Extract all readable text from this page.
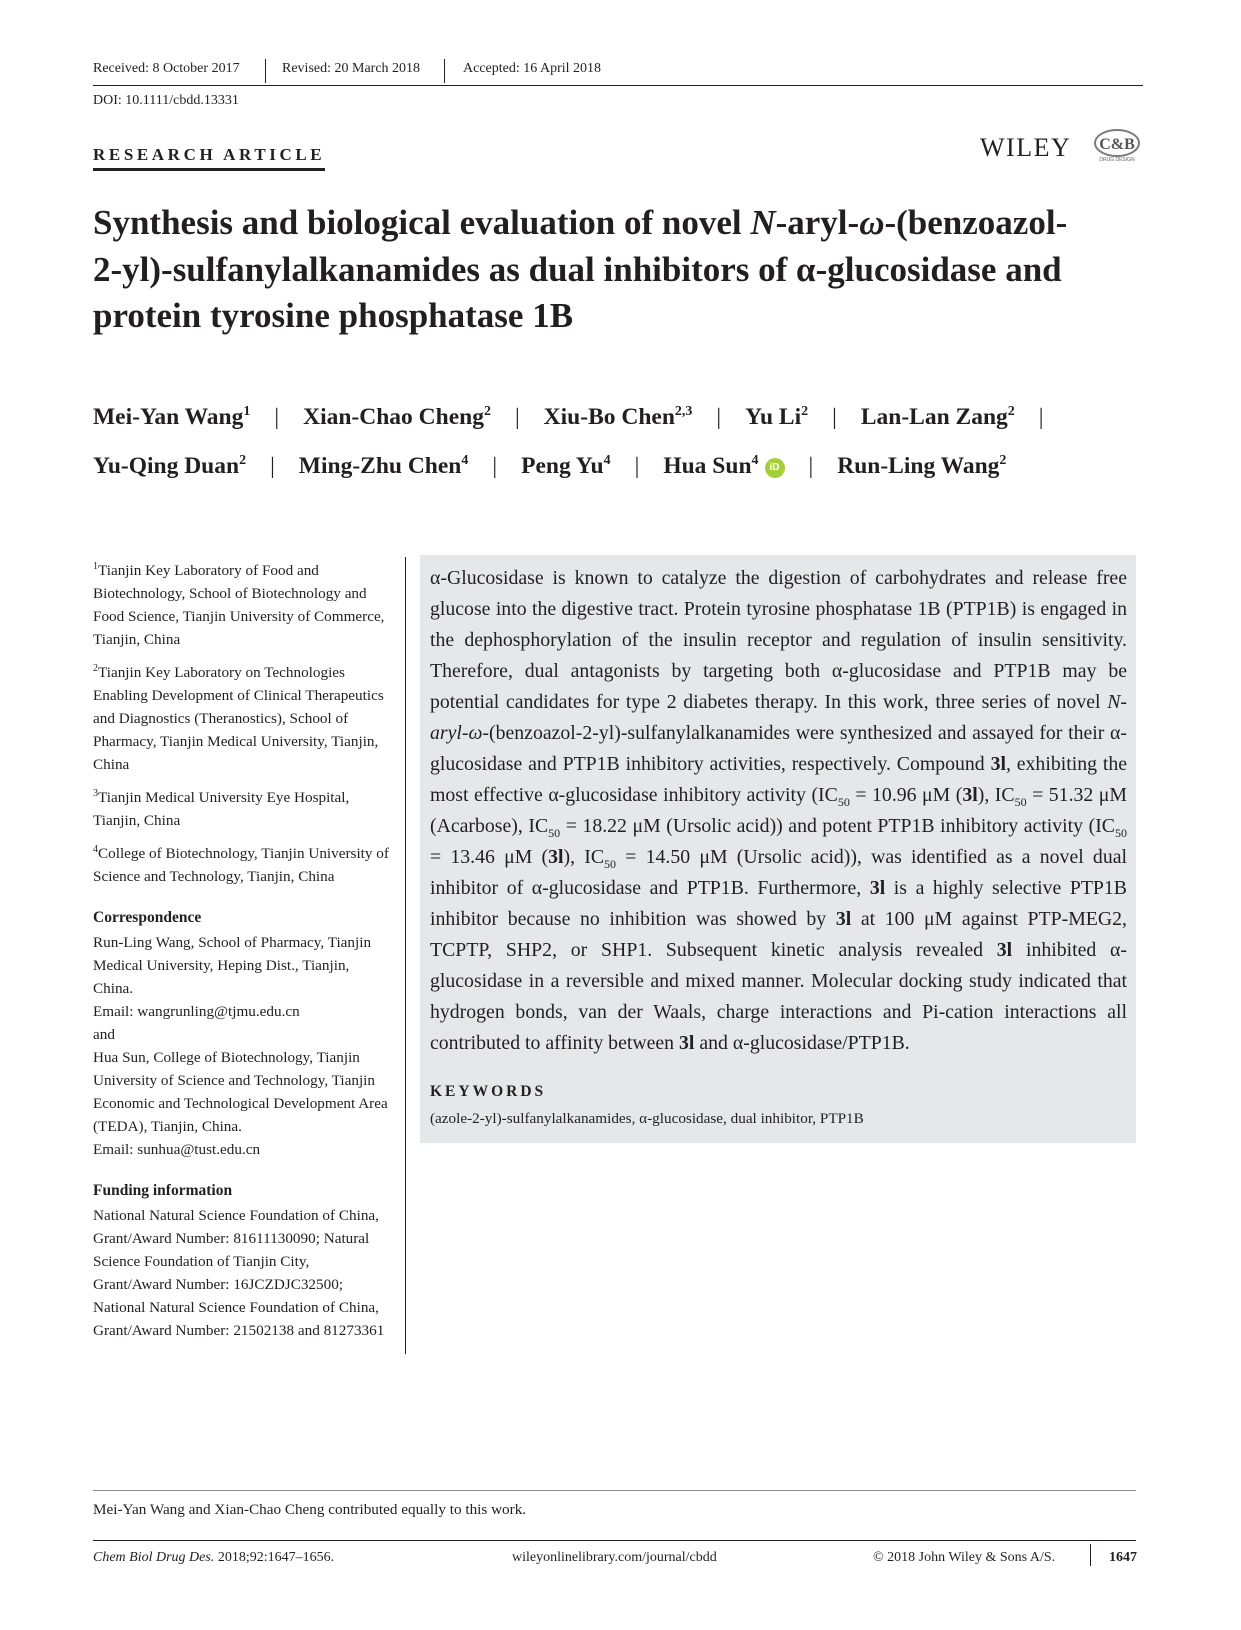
Received: 8 October 2017	Revised: 20 March 2018	Accepted: 16 April 2018
DOI: 10.1111/cbdd.13331
RESEARCH ARTICLE	WILEY C&B
DRUG DESIGN
Synthesis and biological evaluation of novel N-aryl-ω-(benzoazol-
2-yl)-sulfanylalkanamides as dual inhibitors of α-glucosidase and
protein tyrosine phosphatase 1B
Mei-Yan Wang$^1$ | Xian-Chao Cheng$^2$ | Xiu-Bo Chen$^{2,3}$ | Yu Li$^2$ | Lan-Lan Zang$^2$ |
Yu-Qing Duan$^2$ | Ming-Zhu Chen$^4$ | Peng Yu$^4$ | Hua Sun$^4$ iD | Run-Ling Wang$^2$
$^1$Tianjin Key Laboratory of Food and Biotechnology, School of Biotechnology and Food Science, Tianjin University of Commerce, Tianjin, China
$^2$Tianjin Key Laboratory on Technologies Enabling Development of Clinical Therapeutics and Diagnostics (Theranostics), School of Pharmacy, Tianjin Medical University, Tianjin, China
$^3$Tianjin Medical University Eye Hospital, Tianjin, China
$^4$College of Biotechnology, Tianjin University of Science and Technology, Tianjin, China
Correspondence
Run-Ling Wang, School of Pharmacy, Tianjin Medical University, Heping Dist., Tianjin, China.
Email: wangrunling@tjmu.edu.cn
and
Hua Sun, College of Biotechnology, Tianjin University of Science and Technology, Tianjin Economic and Technological Development Area (TEDA), Tianjin, China.
Email: sunhua@tust.edu.cn
Funding information
National Natural Science Foundation of China, Grant/Award Number: 81611130090; Natural Science Foundation of Tianjin City, Grant/Award Number: 16JCZDJC32500; National Natural Science Foundation of China, Grant/Award Number: 21502138 and 81273361
α-Glucosidase is known to catalyze the digestion of carbohydrates and release free glucose into the digestive tract. Protein tyrosine phosphatase 1B (PTP1B) is engaged in the dephosphorylation of the insulin receptor and regulation of insulin sensitivity. Therefore, dual antagonists by targeting both α-glucosidase and PTP1B may be potential candidates for type 2 diabetes therapy. In this work, three series of novel N-aryl-ω-(benzoazol-2-yl)-sulfanylalkanamides were synthesized and assayed for their α-glucosidase and PTP1B inhibitory activities, respectively. Compound 3l, exhibiting the most effective α-glucosidase inhibitory activity ($IC_{50} = 10.96$ μM (3l), $IC_{50} = 51.32$ μM (Acarbose), $IC_{50} = 18.22$ μM (Ursolic acid)) and potent PTP1B inhibitory activity ($IC_{50} = 13.46$ μM (3l), $IC_{50} = 14.50$ μM (Ursolic acid)), was identified as a novel dual inhibitor of α-glucosidase and PTP1B. Furthermore, 3l is a highly selective PTP1B inhibitor because no inhibition was showed by 3l at 100 μM against PTP-MEG2, TCPTP, SHP2, or SHP1. Subsequent kinetic analysis revealed 3l inhibited α-glucosidase in a reversible and mixed manner. Molecular docking study indicated that hydrogen bonds, van der Waals, charge interactions and Pi-cation interactions all contributed to affinity between 3l and α-glucosidase/PTP1B.
KEYWORDS
(azole-2-yl)-sulfanylalkanamides, α-glucosidase, dual inhibitor, PTP1B
Mei-Yan Wang and Xian-Chao Cheng contributed equally to this work.
Chem Biol Drug Des. 2018;92:1647–1656.	wileyonlinelibrary.com/journal/cbdd	© 2018 John Wiley & Sons A/S.	1647
